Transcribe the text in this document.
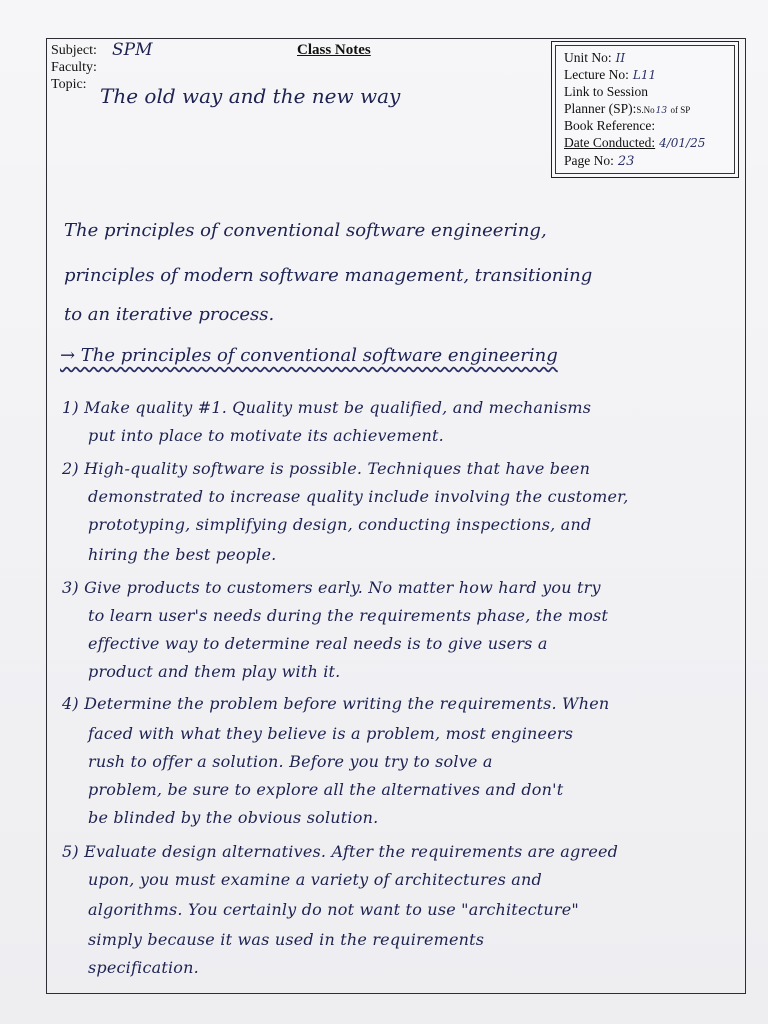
Subject: SPM
Faculty:
Topic: The old way and the new way
Class Notes	Unit No: II
Lecture No: L11
Link to Session
Planner (SP):S.No13 of SP
Book Reference:
Date Conducted: 4/01/25
Page No: 23
The principles of conventional software engineering,
principles of modern software management, transitioning
to an iterative process.
→ The principles of conventional software engineering
1) Make quality #1. Quality must be qualified, and mechanisms
put into place to motivate its achievement.
2) High-quality software is possible. Techniques that have been
demonstrated to increase quality include involving the customer,
prototyping, simplifying design, conducting inspections, and
hiring the best people.
3) Give products to customers early. No matter how hard you try
to learn user's needs during the requirements phase, the most
effective way to determine real needs is to give users a
product and them play with it.
4) Determine the problem before writing the requirements. When
faced with what they believe is a problem, most engineers
rush to offer a solution. Before you try to solve a
problem, be sure to explore all the alternatives and don't
be blinded by the obvious solution.
5) Evaluate design alternatives. After the requirements are agreed
upon, you must examine a variety of architectures and
algorithms. You certainly do not want to use "architecture"
simply because it was used in the requirements
specification.
